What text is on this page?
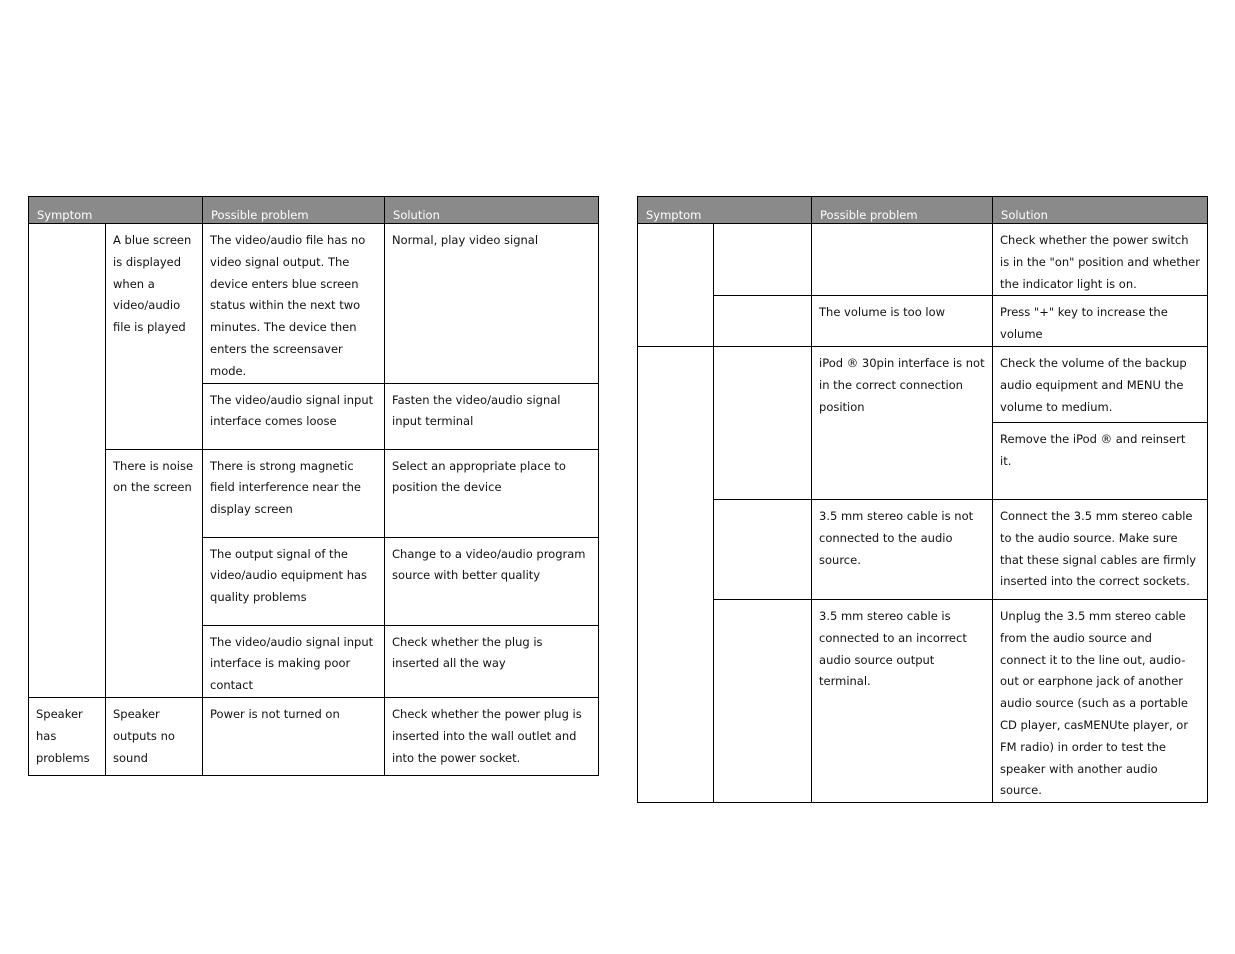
Symptom		Possible problem	Solution
	A blue screen is displayed when a video/audio file is played	The video/audio file has no video signal output. The device enters blue screen status within the next two minutes. The device then enters the screensaver mode.	Normal, play video signal
		The video/audio signal input interface comes loose	Fasten the video/audio signal input terminal
	There is noise on the screen	There is strong magnetic field interference near the display screen	Select an appropriate place to position the device
		The output signal of the video/audio equipment has quality problems	Change to a video/audio program source with better quality
		The video/audio signal input interface is making poor contact	Check whether the plug is inserted all the way
Speaker has problems	Speaker outputs no sound	Power is not turned on	Check whether the power plug is inserted into the wall outlet and into the power socket.
Symptom		Possible problem	Solution
			Check whether the power switch is in the "on" position and whether the indicator light is on.
		The volume is too low	Press "+" key to increase the volume
		iPod ® 30pin interface is not in the correct connection position	Check the volume of the backup audio equipment and MENU the volume to medium.
			Remove the iPod ® and reinsert it.
		3.5 mm stereo cable is not connected to the audio source.	Connect the 3.5 mm stereo cable to the audio source. Make sure that these signal cables are firmly inserted into the correct sockets.
		3.5 mm stereo cable is connected to an incorrect audio source output terminal.	Unplug the 3.5 mm stereo cable from the audio source and connect it to the line out, audio-out or earphone jack of another audio source (such as a portable CD player, casMENUte player, or FM radio) in order to test the speaker with another audio source.
